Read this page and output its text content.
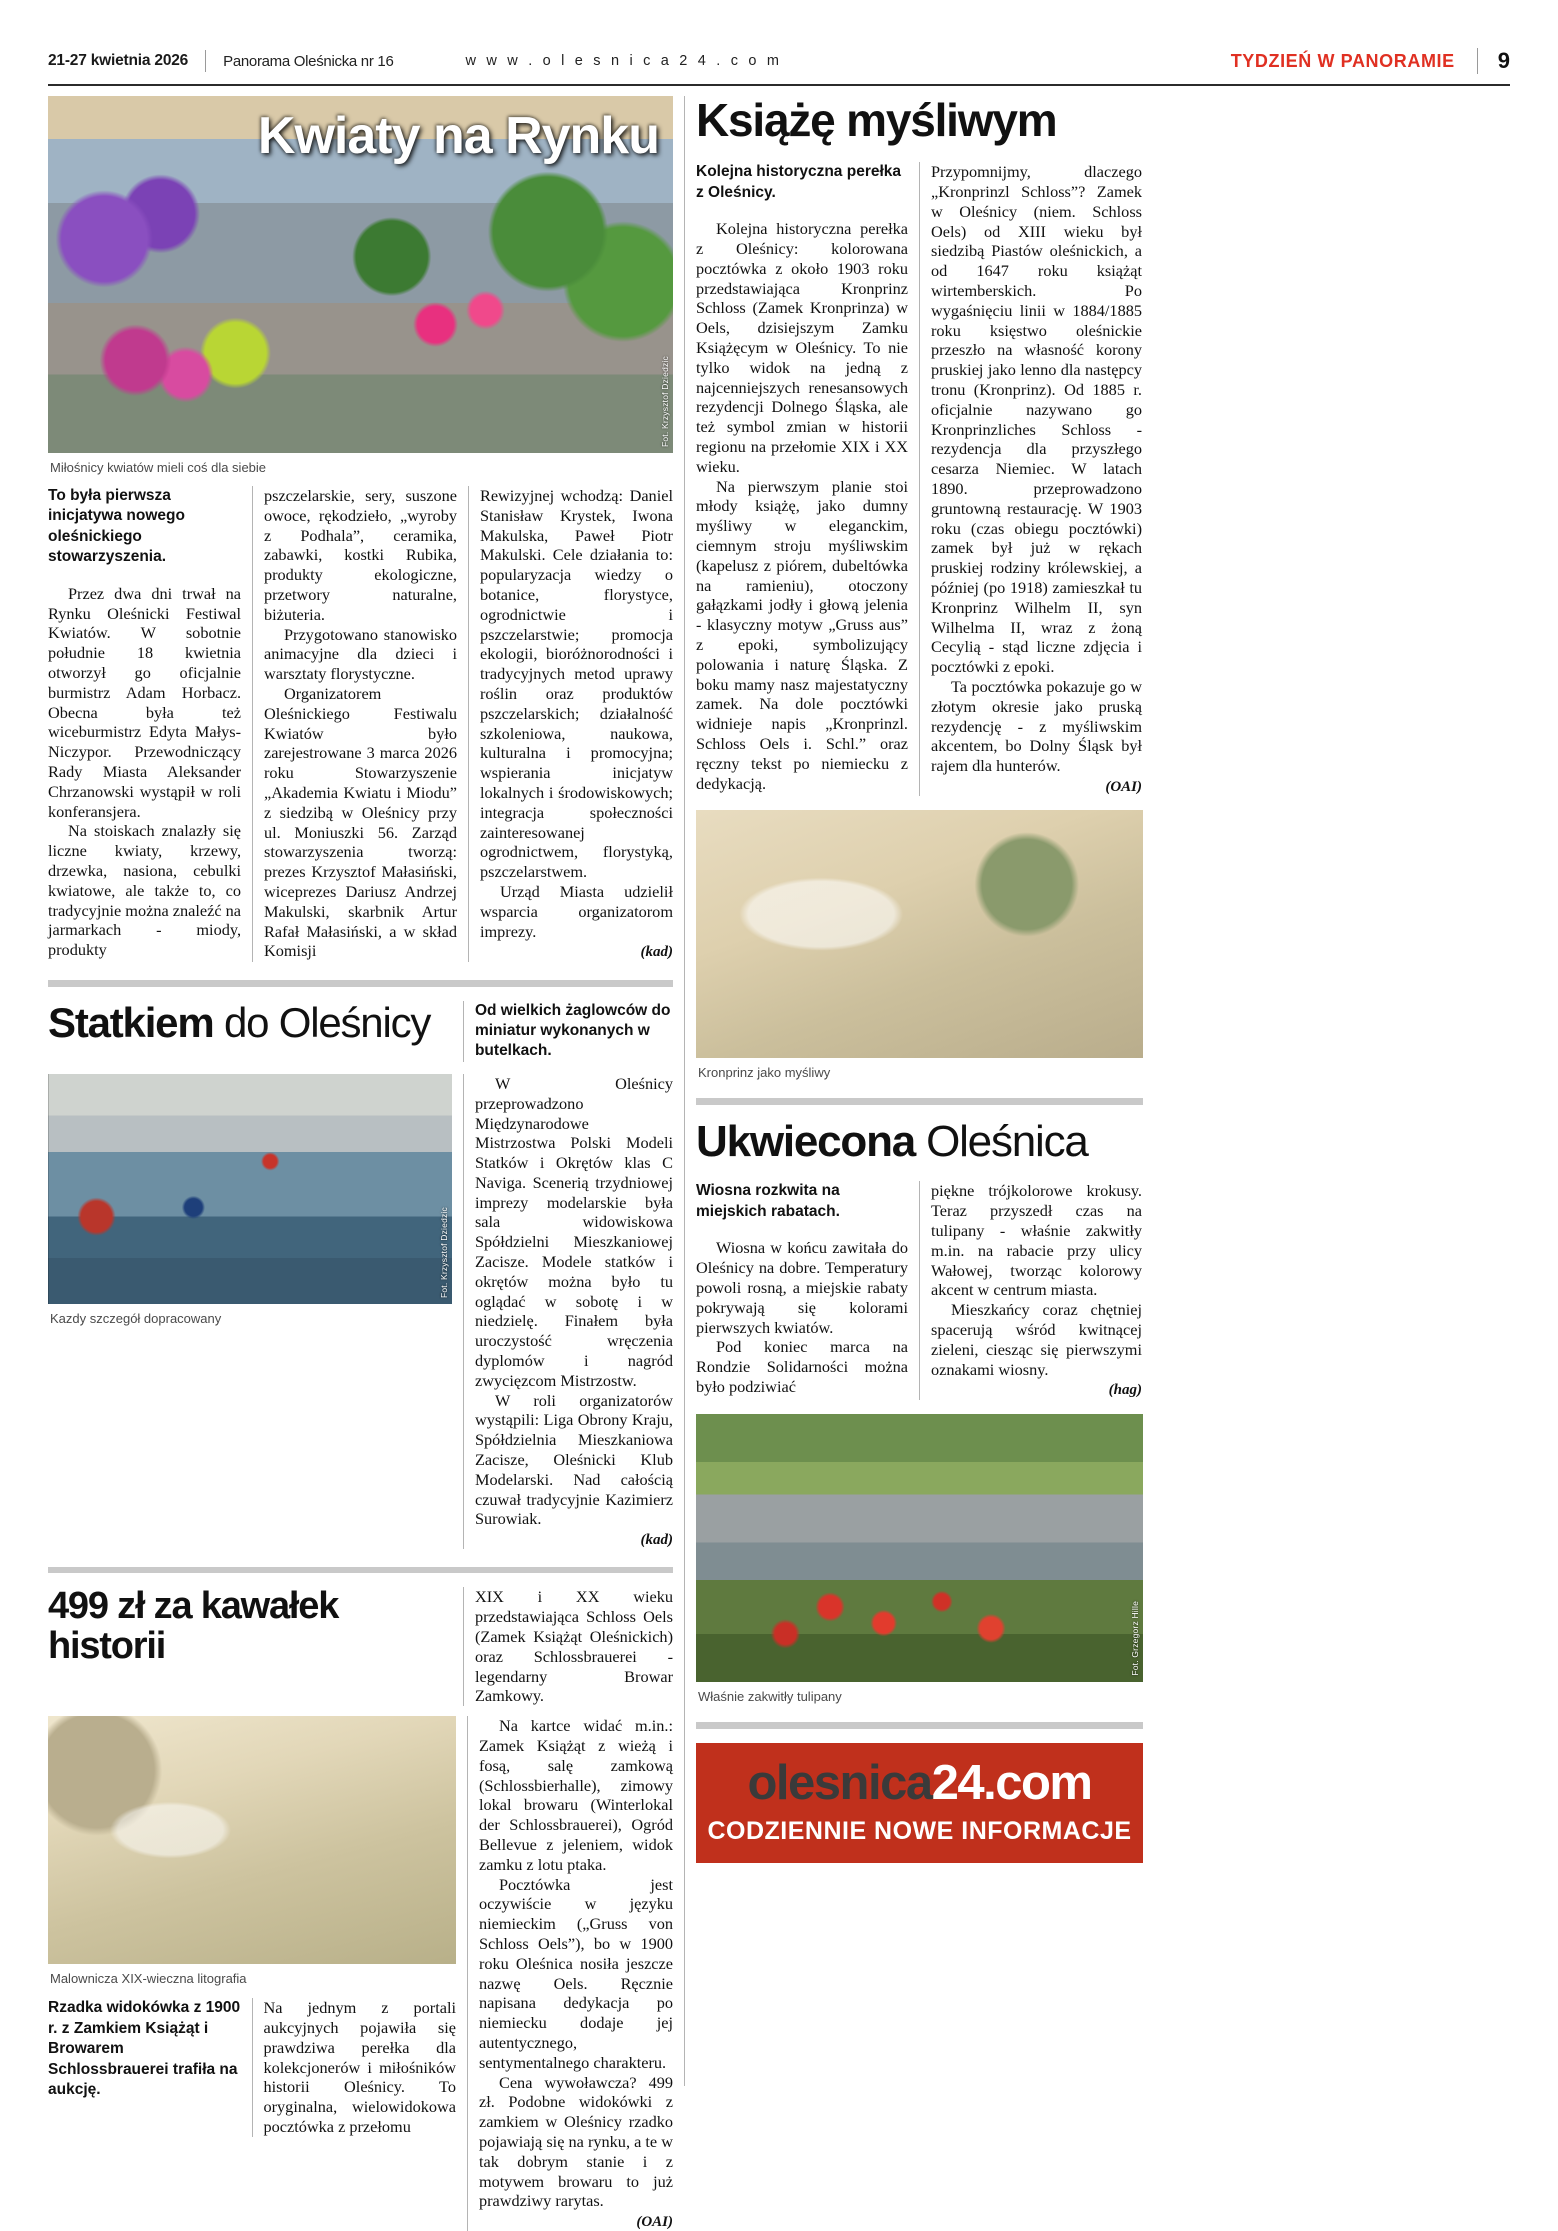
21-27 kwietnia 2026 Panorama Oleśnicka nr 16	w w w . o l e s n i c a 2 4 . c o m	TYDZIEŃ W PANORAMIE 9
Kwiaty na Rynku
Fot. Krzysztof Dziedzic
Miłośnicy kwiatów mieli coś dla siebie
To była pierwsza inicjatywa nowego oleśnickiego stowarzyszenia.

Przez dwa dni trwał na Rynku Oleśnicki Festiwal Kwiatów. W sobotnie południe 18 kwietnia otworzył go oficjalnie burmistrz Adam Horbacz. Obecna była też wiceburmistrz Edyta Małys-Niczypor. Przewodniczący Rady Miasta Aleksander Chrzanowski wystąpił w roli konferansjera.

Na stoiskach znalazły się liczne kwiaty, krzewy, drzewka, nasiona, cebulki kwiatowe, ale także to, co tradycyjnie można znaleźć na jarmarkach - miody, produkty

pszczelarskie, sery, suszone owoce, rękodzieło, „wyroby z Podhala”, ceramika, zabawki, kostki Rubika, produkty ekologiczne, przetwory naturalne, biżuteria.

Przygotowano stanowisko animacyjne dla dzieci i warsztaty florystyczne.

Organizatorem Oleśnickiego Festiwalu Kwiatów było zarejestrowane 3 marca 2026 roku Stowarzyszenie „Akademia Kwiatu i Miodu” z siedzibą w Oleśnicy przy ul. Moniuszki 56. Zarząd stowarzyszenia tworzą: prezes Krzysztof Małasiński, wiceprezes Dariusz Andrzej Makulski, skarbnik Artur Rafał Małasiński, a w skład Komisji

Rewizyjnej wchodzą: Daniel Stanisław Krystek, Iwona Makulska, Paweł Piotr Makulski. Cele działania to: popularyzacja wiedzy o botanice, florystyce, ogrodnictwie i pszczelarstwie; promocja ekologii, bioróżnorodności i tradycyjnych metod uprawy roślin oraz produktów pszczelarskich; działalność szkoleniowa, naukowa, kulturalna i promocyjna; wspierania inicjatyw lokalnych i środowiskowych; integracja społeczności zainteresowanej ogrodnictwem, florystyką, pszczelarstwem.

Urząd Miasta udzielił wsparcia organizatorom imprezy.

(kad)
Statkiem do Oleśnicy	Od wielkich żaglowców do miniatur wykonanych w butelkach.
Fot. Krzysztof Dziedzic
Kazdy szczegół dopracowany

W Oleśnicy przeprowadzono Międzynarodowe Mistrzostwa Polski Modeli Statków i Okrętów klas C Naviga. Scenerią trzydniowej imprezy modelarskie była sala widowiskowa Spółdzielni Mieszkaniowej Zacisze. Modele statków i okrętów można było tu oglądać w sobotę i w niedzielę. Finałem była uroczystość wręczenia dyplomów i nagród zwycięzcom Mistrzostw.

W roli organizatorów wystąpili: Liga Obrony Kraju, Spółdzielnia Mieszkaniowa Zacisze, Oleśnicki Klub Modelarski. Nad całością czuwał tradycyjnie Kazimierz Surowiak.

(kad)
499 zł za kawałek historii

XIX i XX wieku przedstawiająca Schloss Oels (Zamek Książąt Oleśnickich) oraz Schlossbrauerei - legendarny Browar Zamkowy.

Malownicza XIX-wieczna litografia
Rzadka widokówka z 1900 r. z Zamkiem Książąt i Browarem Schlossbrauerei trafiła na aukcję.

Na jednym z portali aukcyjnych pojawiła się prawdziwa perełka dla kolekcjonerów i miłośników historii Oleśnicy. To oryginalna, wielowidokowa pocztówka z przełomu

Na kartce widać m.in.: Zamek Książąt z wieżą i fosą, salę zamkową (Schlossbierhalle), zimowy lokal browaru (Winterlokal der Schlossbrauerei), Ogród Bellevue z jeleniem, widok zamku z lotu ptaka.

Pocztówka jest oczywiście w języku niemieckim („Gruss von Schloss Oels”), bo w 1900 roku Oleśnica nosiła jeszcze nazwę Oels. Ręcznie napisana dedykacja po niemiecku dodaje jej autentycznego, sentymentalnego charakteru.

Cena wywoławcza? 499 zł. Podobne widokówki z zamkiem w Oleśnicy rzadko pojawiają się na rynku, a te w tak dobrym stanie i z motywem browaru to już prawdziwy rarytas.

(OAI)
Książę myśliwym
Kolejna historyczna perełka z Oleśnicy.

Kolejna historyczna perełka z Oleśnicy: kolorowana pocztówka z około 1903 roku przedstawiająca Kronprinz Schloss (Zamek Kronprinza) w Oels, dzisiejszym Zamku Książęcym w Oleśnicy. To nie tylko widok na jedną z najcenniejszych renesansowych rezydencji Dolnego Śląska, ale też symbol zmian w historii regionu na przełomie XIX i XX wieku.

Na pierwszym planie stoi młody książę, jako dumny myśliwy w eleganckim, ciemnym stroju myśliwskim (kapelusz z piórem, dubeltówka na ramieniu), otoczony gałązkami jodły i głową jelenia - klasyczny motyw „Gruss aus” z epoki, symbolizujący polowania i naturę Śląska. Z boku mamy nasz majestatyczny zamek. Na dole pocztówki widnieje napis „Kronprinzl. Schloss Oels i. Schl.” oraz ręczny tekst po niemiecku z dedykacją.

Przypomnijmy, dlaczego „Kronprinzl Schloss”? Zamek w Oleśnicy (niem. Schloss Oels) od XIII wieku był siedzibą Piastów oleśnickich, a od 1647 roku książąt wirtemberskich. Po wygaśnięciu linii w 1884/1885 roku księstwo oleśnickie przeszło na własność korony pruskiej jako lenno dla następcy tronu (Kronprinz). Od 1885 r. oficjalnie nazywano go Kronprinzliches Schloss - rezydencja dla przyszłego cesarza Niemiec. W latach 1890. przeprowadzono gruntowną restaurację. W 1903 roku (czas obiegu pocztówki) zamek był już w rękach pruskiej rodziny królewskiej, a później (po 1918) zamieszkał tu Kronprinz Wilhelm II, syn Wilhelma II, wraz z żoną Cecylią - stąd liczne zdjęcia i pocztówki z epoki.

Ta pocztówka pokazuje go w złotym okresie jako pruską rezydencję - z myśliwskim akcentem, bo Dolny Śląsk był rajem dla hunterów.

(OAI)
Kronprinz jako myśliwy
Ukwiecona Oleśnica
Wiosna rozkwita na miejskich rabatach.

Wiosna w końcu zawitała do Oleśnicy na dobre. Temperatury powoli rosną, a miejskie rabaty pokrywają się kolorami pierwszych kwiatów.

Pod koniec marca na Rondzie Solidarności można było podziwiać

piękne trójkolorowe krokusy. Teraz przyszedł czas na tulipany - właśnie zakwitły m.in. na rabacie przy ulicy Wałowej, tworząc kolorowy akcent w centrum miasta.

Mieszkańcy coraz chętniej spacerują wśród kwitnącej zieleni, ciesząc się pierwszymi oznakami wiosny.

(hag)
Fot. Grzegorz Hille
Właśnie zakwitły tulipany
olesnica24.com
CODZIENNIE NOWE INFORMACJE
